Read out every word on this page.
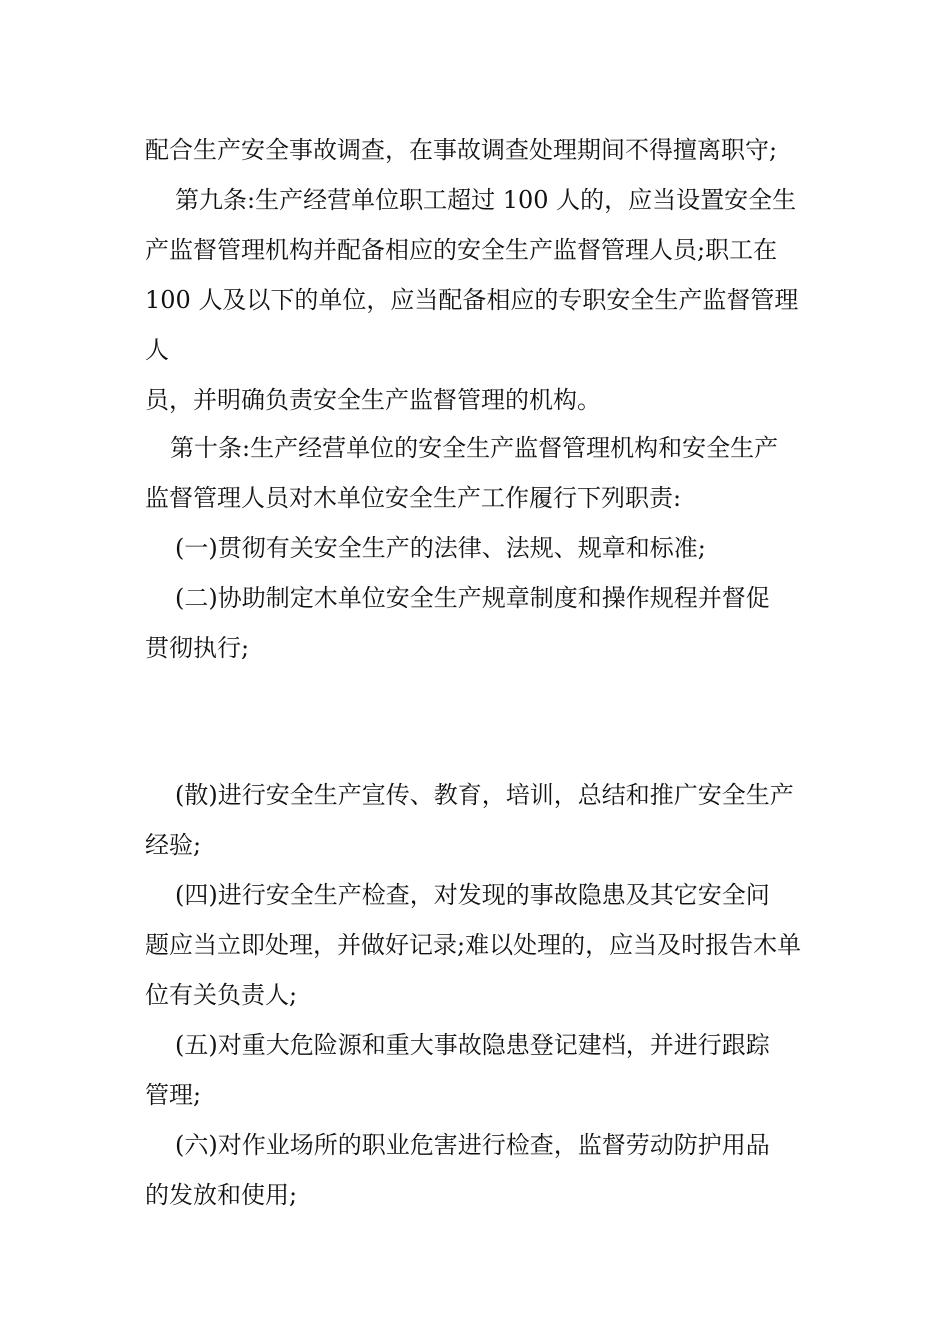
配合生产安全事故调查，在事故调查处理期间不得擅离职守;
第九条:生产经营单位职工超过 100 人的，应当设置安全生
产监督管理机构并配备相应的安全生产监督管理人员;职工在
100 人及以下的单位，应当配备相应的专职安全生产监督管理
人
员，并明确负责安全生产监督管理的机构。
第十条:生产经营单位的安全生产监督管理机构和安全生产
监督管理人员对木单位安全生产工作履行下列职责:
(一)贯彻有关安全生产的法律、法规、规章和标准;
(二)协助制定木单位安全生产规章制度和操作规程并督促
贯彻执行;
(散)进行安全生产宣传、教育，培训，总结和推广安全生产
经验;
(四)进行安全生产检查，对发现的事故隐患及其它安全问
题应当立即处理，并做好记录;难以处理的，应当及时报告木单
位有关负责人;
(五)对重大危险源和重大事故隐患登记建档，并进行跟踪
管理;
(六)对作业场所的职业危害进行检查，监督劳动防护用品
的发放和使用;
